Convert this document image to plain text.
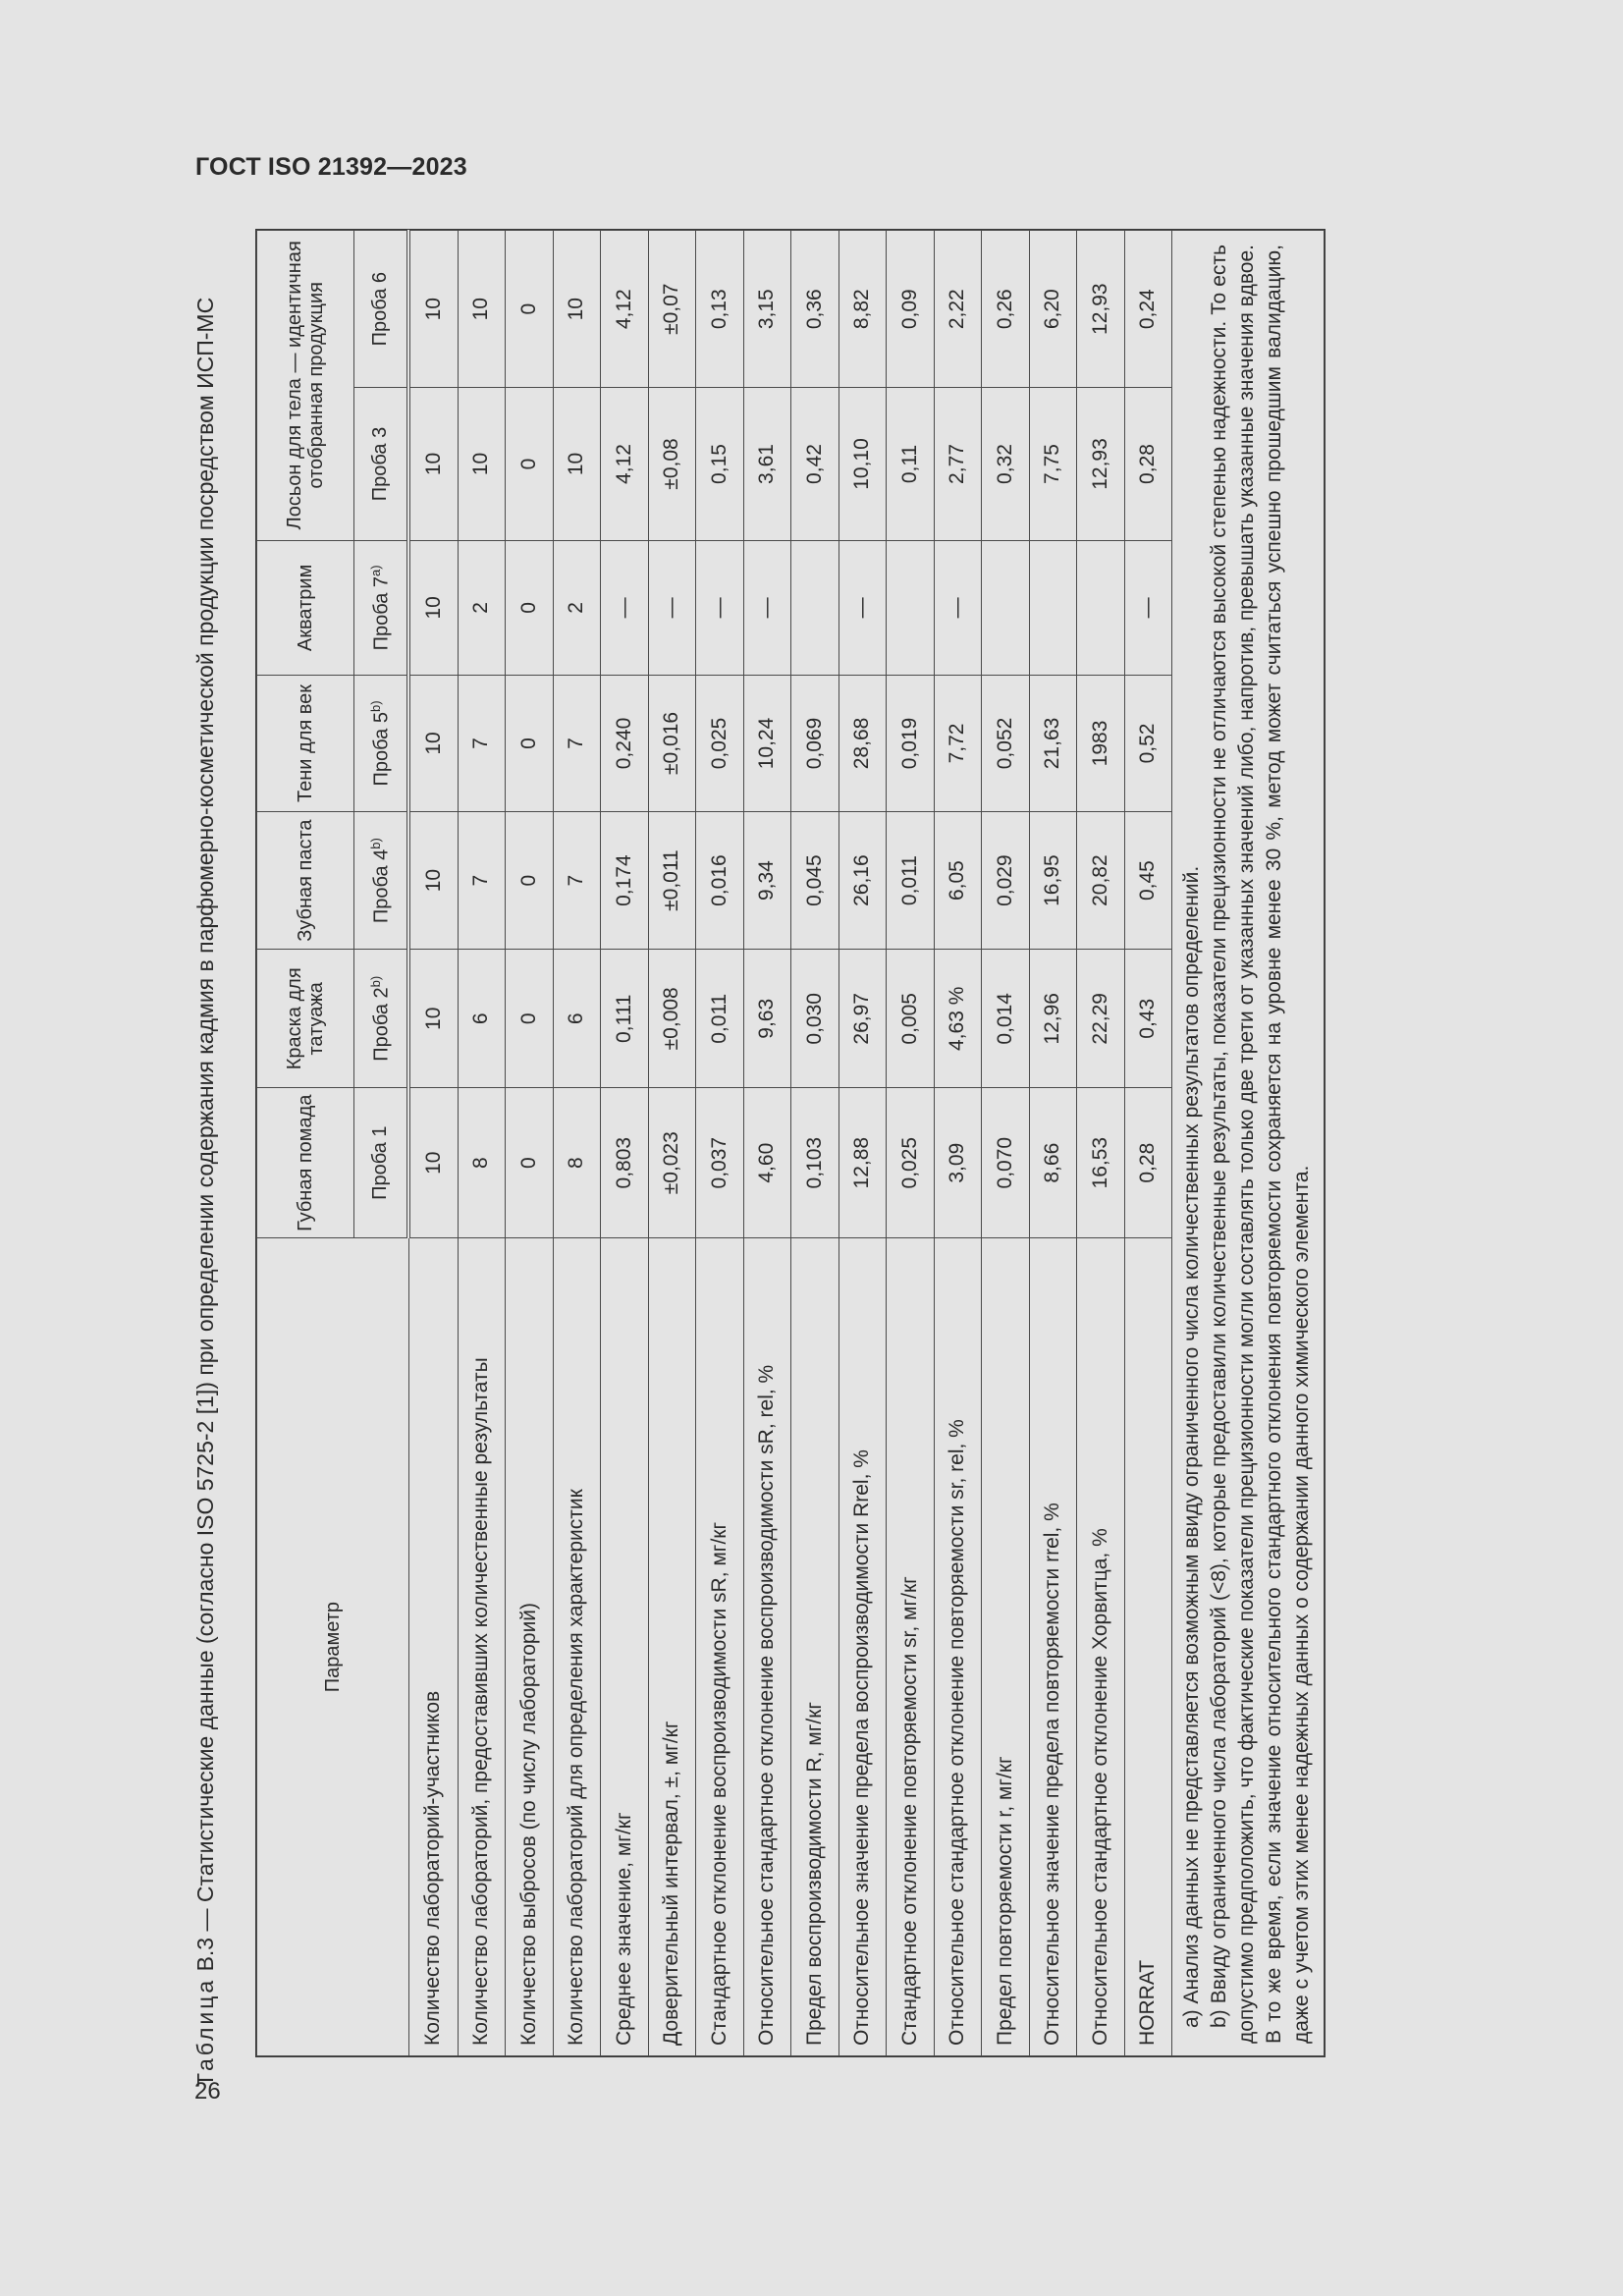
ГОСТ ISO 21392—2023
26
Таблица В.3 — Статистические данные (согласно ISO 5725-2 [1]) при определении содержания кадмия в парфюмерно-косметической продукции посредством ИСП-МС	Параметр	Губная помада	Краска для татуажа	Зубная паста	Тени для век	Акватрим	Лосьон для тела — идентичная отобранная продукция	
	Проба 1	Проба 2$^{b)}$	Проба 4$^{b)}$	Проба 5$^{b)}$	Проба 7$^{a)}$	Проба 3	Проба 6
Количество лабораторий-участников	10	10	10	10	10	10	10
Количество лабораторий, предоставивших количественные результаты	8	6	7	7	2	10	10
Количество выбросов (по числу лабораторий)	0	0	0	0	0	0	0
Количество лабораторий для определения характеристик	8	6	7	7	2	10	10
Среднее значение, мг/кг	0,803	0,111	0,174	0,240	—	4,12	4,12
Доверительный интервал, ±, мг/кг	±0,023	±0,008	±0,011	±0,016	—	±0,08	±0,07
Стандартное отклонение воспроизводимости sR, мг/кг	0,037	0,011	0,016	0,025	—	0,15	0,13
Относительное стандартное отклонение воспроизводимости sR, rel, %	4,60	9,63	9,34	10,24	—	3,61	3,15
Предел воспроизводимости R, мг/кг	0,103	0,030	0,045	0,069		0,42	0,36
Относительное значение предела воспроизводимости Rrel, %	12,88	26,97	26,16	28,68	—	10,10	8,82
Стандартное отклонение повторяемости sr, мг/кг	0,025	0,005	0,011	0,019		0,11	0,09
Относительное стандартное отклонение повторяемости sr, rel, %	3,09	4,63 %	6,05	7,72	—	2,77	2,22
Предел повторяемости r, мг/кг	0,070	0,014	0,029	0,052		0,32	0,26
Относительное значение предела повторяемости rrel, %	8,66	12,96	16,95	21,63		7,75	6,20
Относительное стандартное отклонение Хорвитца, %	16,53	22,29	20,82	1983		12,93	12,93
HORRAT	0,28	0,43	0,45	0,52	—	0,28	0,24

a) Анализ данных не представляется возможным ввиду ограниченного числа количественных результатов определений. b) Ввиду ограниченного числа лабораторий (<8), которые предоставили количественные результаты, показатели прецизионности не отличаются высокой степенью надежности. То есть допустимо предположить, что фактические показатели прецизионности могли составлять только две трети от указанных значений либо, напротив, превышать указанные значения вдвое. В то же время, если значение относительного стандартного отклонения повторяемости сохраняется на уровне менее 30 %, метод может считаться успешно прошедшим валидацию, даже с учетом этих менее надежных данных о содержании данного химического элемента.							
